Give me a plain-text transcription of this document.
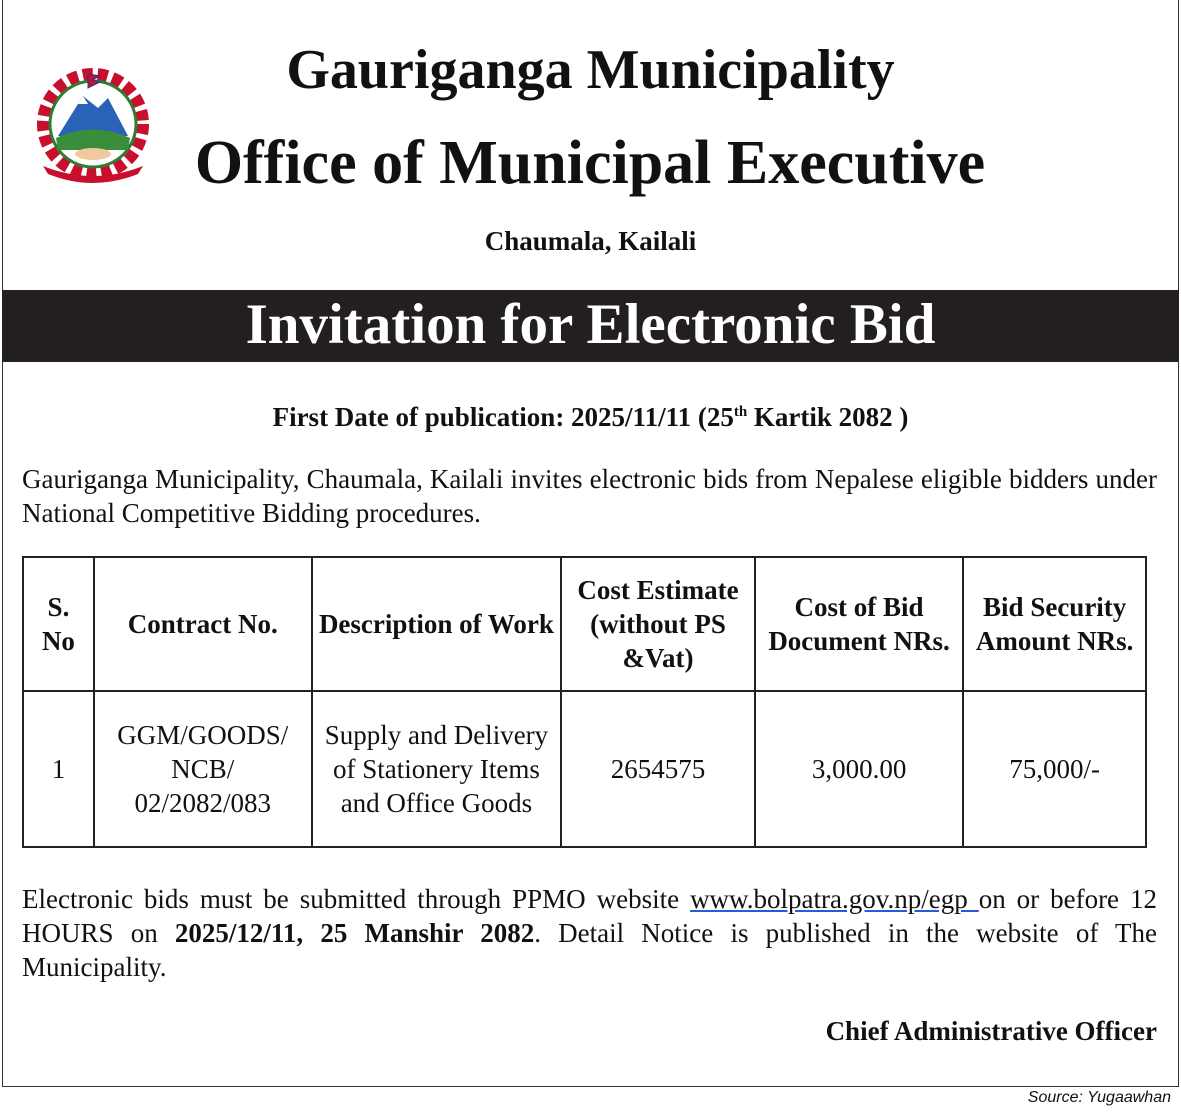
Gauriganga Municipality
Office of Municipal Executive
Chaumala, Kailali
Invitation for Electronic Bid
First Date of publication: 2025/11/11 (25th Kartik 2082 )
Gauriganga Municipality, Chaumala, Kailali invites electronic bids from Nepalese eligible bidders under National Competitive Bidding procedures.
S. No	Contract No.	Description of Work	Cost Estimate (without PS &Vat)	Cost of Bid Document NRs.	Bid Security Amount NRs.
1	GGM/GOODS/ NCB/ 02/2082/083	Supply and Delivery of Stationery Items and Office Goods	2654575	3,000.00	75,000/-
Electronic bids must be submitted through PPMO website www.bolpatra.gov.np/egp on or before 12 HOURS on 2025/12/11, 25 Manshir 2082. Detail Notice is published in the website of The Municipality.
Chief Administrative Officer
Source: Yugaawhan
